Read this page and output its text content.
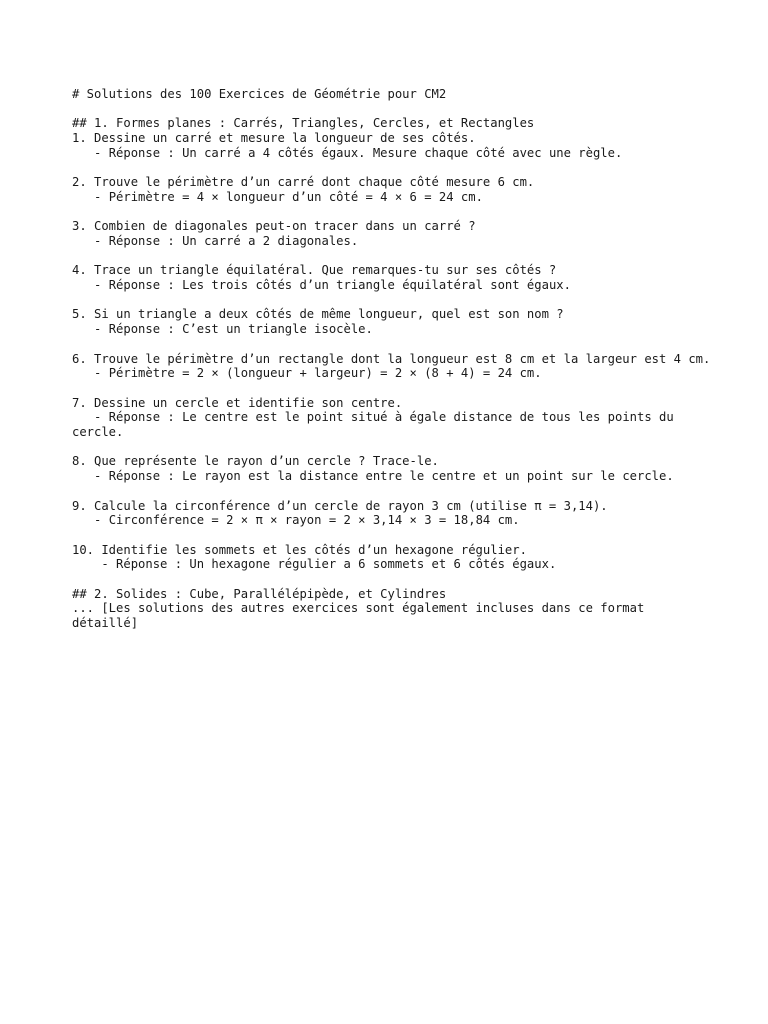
# Solutions des 100 Exercices de Géométrie pour CM2
## 1. Formes planes : Carrés, Triangles, Cercles, et Rectangles
1. Dessine un carré et mesure la longueur de ses côtés.
- Réponse : Un carré a 4 côtés égaux. Mesure chaque côté avec une règle.
2. Trouve le périmètre d’un carré dont chaque côté mesure 6 cm.
- Périmètre = 4 × longueur d’un côté = 4 × 6 = 24 cm.
3. Combien de diagonales peut-on tracer dans un carré ?
- Réponse : Un carré a 2 diagonales.
4. Trace un triangle équilatéral. Que remarques-tu sur ses côtés ?
- Réponse : Les trois côtés d’un triangle équilatéral sont égaux.
5. Si un triangle a deux côtés de même longueur, quel est son nom ?
- Réponse : C’est un triangle isocèle.
6. Trouve le périmètre d’un rectangle dont la longueur est 8 cm et la largeur est 4 cm.
- Périmètre = 2 × (longueur + largeur) = 2 × (8 + 4) = 24 cm.
7. Dessine un cercle et identifie son centre.
- Réponse : Le centre est le point situé à égale distance de tous les points du cercle.
8. Que représente le rayon d’un cercle ? Trace-le.
- Réponse : Le rayon est la distance entre le centre et un point sur le cercle.
9. Calcule la circonférence d’un cercle de rayon 3 cm (utilise π = 3,14).
- Circonférence = 2 × π × rayon = 2 × 3,14 × 3 = 18,84 cm.
10. Identifie les sommets et les côtés d’un hexagone régulier.
- Réponse : Un hexagone régulier a 6 sommets et 6 côtés égaux.
## 2. Solides : Cube, Parallélépipède, et Cylindres
... [Les solutions des autres exercices sont également incluses dans ce format détaillé]
